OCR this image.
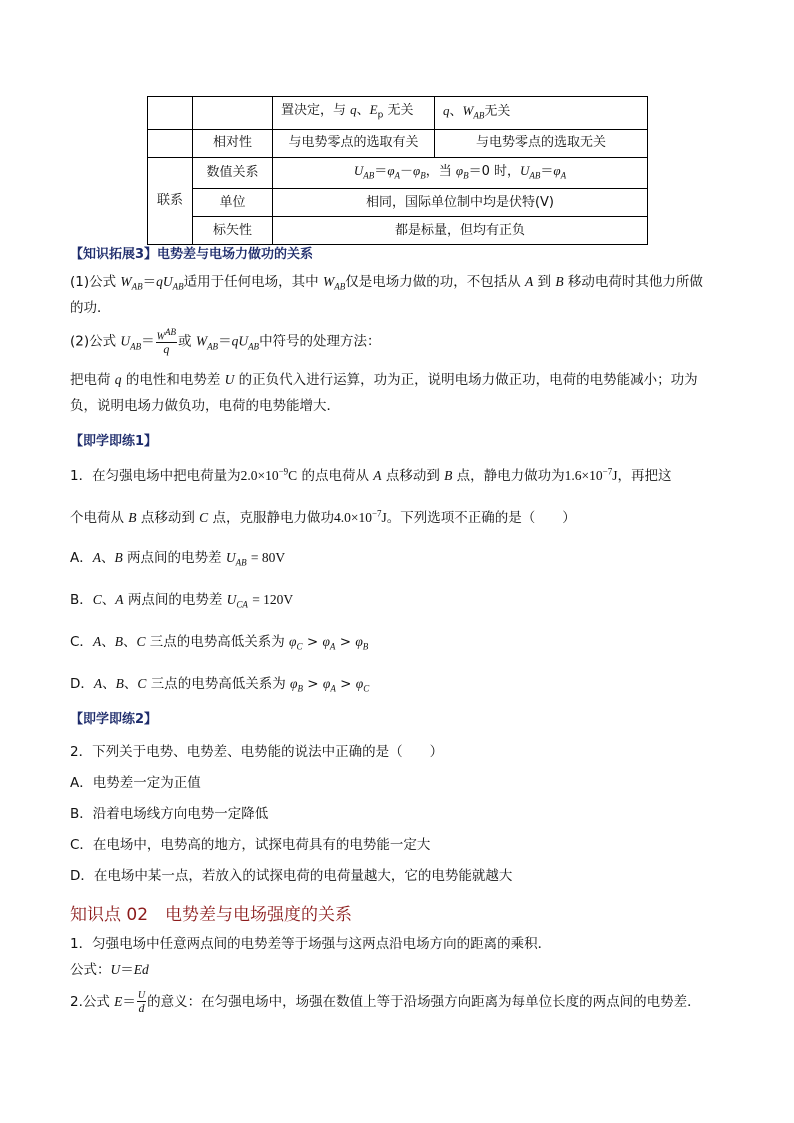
		置决定，与 q、$E_p$ 无关	q、$W_{AB}$无关
	相对性	与电势零点的选取有关	与电势零点的选取无关
联系	数值关系	$U_{AB}=\varphi_A-\varphi_B$，当 $\varphi_B=0$ 时，$U_{AB}=\varphi_A$
	单位	相同，国际单位制中均是伏特(V)	
	标矢性	都是标量，但均有正负	
【知识拓展3】电势差与电场力做功的关系
(1)公式 $W_{AB}=qU_{AB}$适用于任何电场，其中 $W_{AB}$仅是电场力做的功，不包括从 A 到 B 移动电荷时其他力所做
的功．
(2)公式 $U_{AB}= \frac{W^{AB}}{q}$ 或 $W_{AB}=qU_{AB}$中符号的处理方法：
把电荷 q 的电性和电势差 U 的正负代入进行运算，功为正，说明电场力做正功，电荷的电势能减小；功为
负，说明电场力做负功，电荷的电势能增大．
【即学即练1】
1．在匀强电场中把电荷量为$2.0\times 10^{-9}C$ 的点电荷从 A 点移动到 B 点，静电力做功为$1.6\times 10^{-7}J$，再把这
个电荷从 B 点移动到 C 点，克服静电力做功$4.0\times 10^{-7}J$。下列选项不正确的是（　　）
A．A、B 两点间的电势差 $U_{AB} = 80V$
B．C、A 两点间的电势差 $U_{CA} = 120V$
C．A、B、C 三点的电势高低关系为 $\varphi_C > \varphi_A > \varphi_B$
D．A、B、C 三点的电势高低关系为 $\varphi_B > \varphi_A > \varphi_C$
【即学即练2】
2．下列关于电势、电势差、电势能的说法中正确的是（　　）
A．电势差一定为正值
B．沿着电场线方向电势一定降低
C．在电场中，电势高的地方，试探电荷具有的电势能一定大
D．在电场中某一点，若放入的试探电荷的电荷量越大，它的电势能就越大
知识点 02　电势差与电场强度的关系
1．匀强电场中任意两点间的电势差等于场强与这两点沿电场方向的距离的乘积．
公式：U＝Ed
2.公式 $E= \frac{U}{d}$ 的意义：在匀强电场中，场强在数值上等于沿场强方向距离为每单位长度的两点间的电势差．
